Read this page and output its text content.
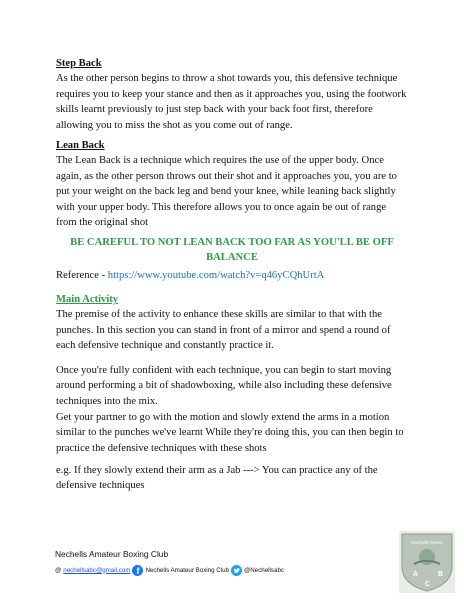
Step Back

As the other person begins to throw a shot towards you, this defensive technique requires you to keep your stance and then as it approaches you, using the footwork skills learnt previously to just step back with your back foot first, therefore allowing you to miss the shot as you come out of range.

Lean Back

The Lean Back is a technique which requires the use of the upper body. Once again, as the other person throws out their shot and it approaches you, you are to put your weight on the back leg and bend your knee, while leaning back slightly with your upper body. This therefore allows you to once again be out of range from the original shot

BE CAREFUL TO NOT LEAN BACK TOO FAR AS YOU'LL BE OFF BALANCE

Reference - https://www.youtube.com/watch?v=q46yCQhUrtA

Main Activity

The premise of the activity to enhance these skills are similar to that with the punches. In this section you can stand in front of a mirror and spend a round of each defensive technique and constantly practice it.

Once you're fully confident with each technique, you can begin to start moving around performing a bit of shadowboxing, while also including these defensive techniques into the mix.

Get your partner to go with the motion and slowly extend the arms in a motion similar to the punches we've learnt While they're doing this, you can then begin to practice the defensive techniques with these shots

e.g. If they slowly extend their arm as a Jab ---> You can practice any of the defensive techniques

Nechells Amateur Boxing Club
@ nechellsabc@gmail.com f Nechells Amateur Boxing Club @Nechellsabc
Nechells Green
A	B
C
